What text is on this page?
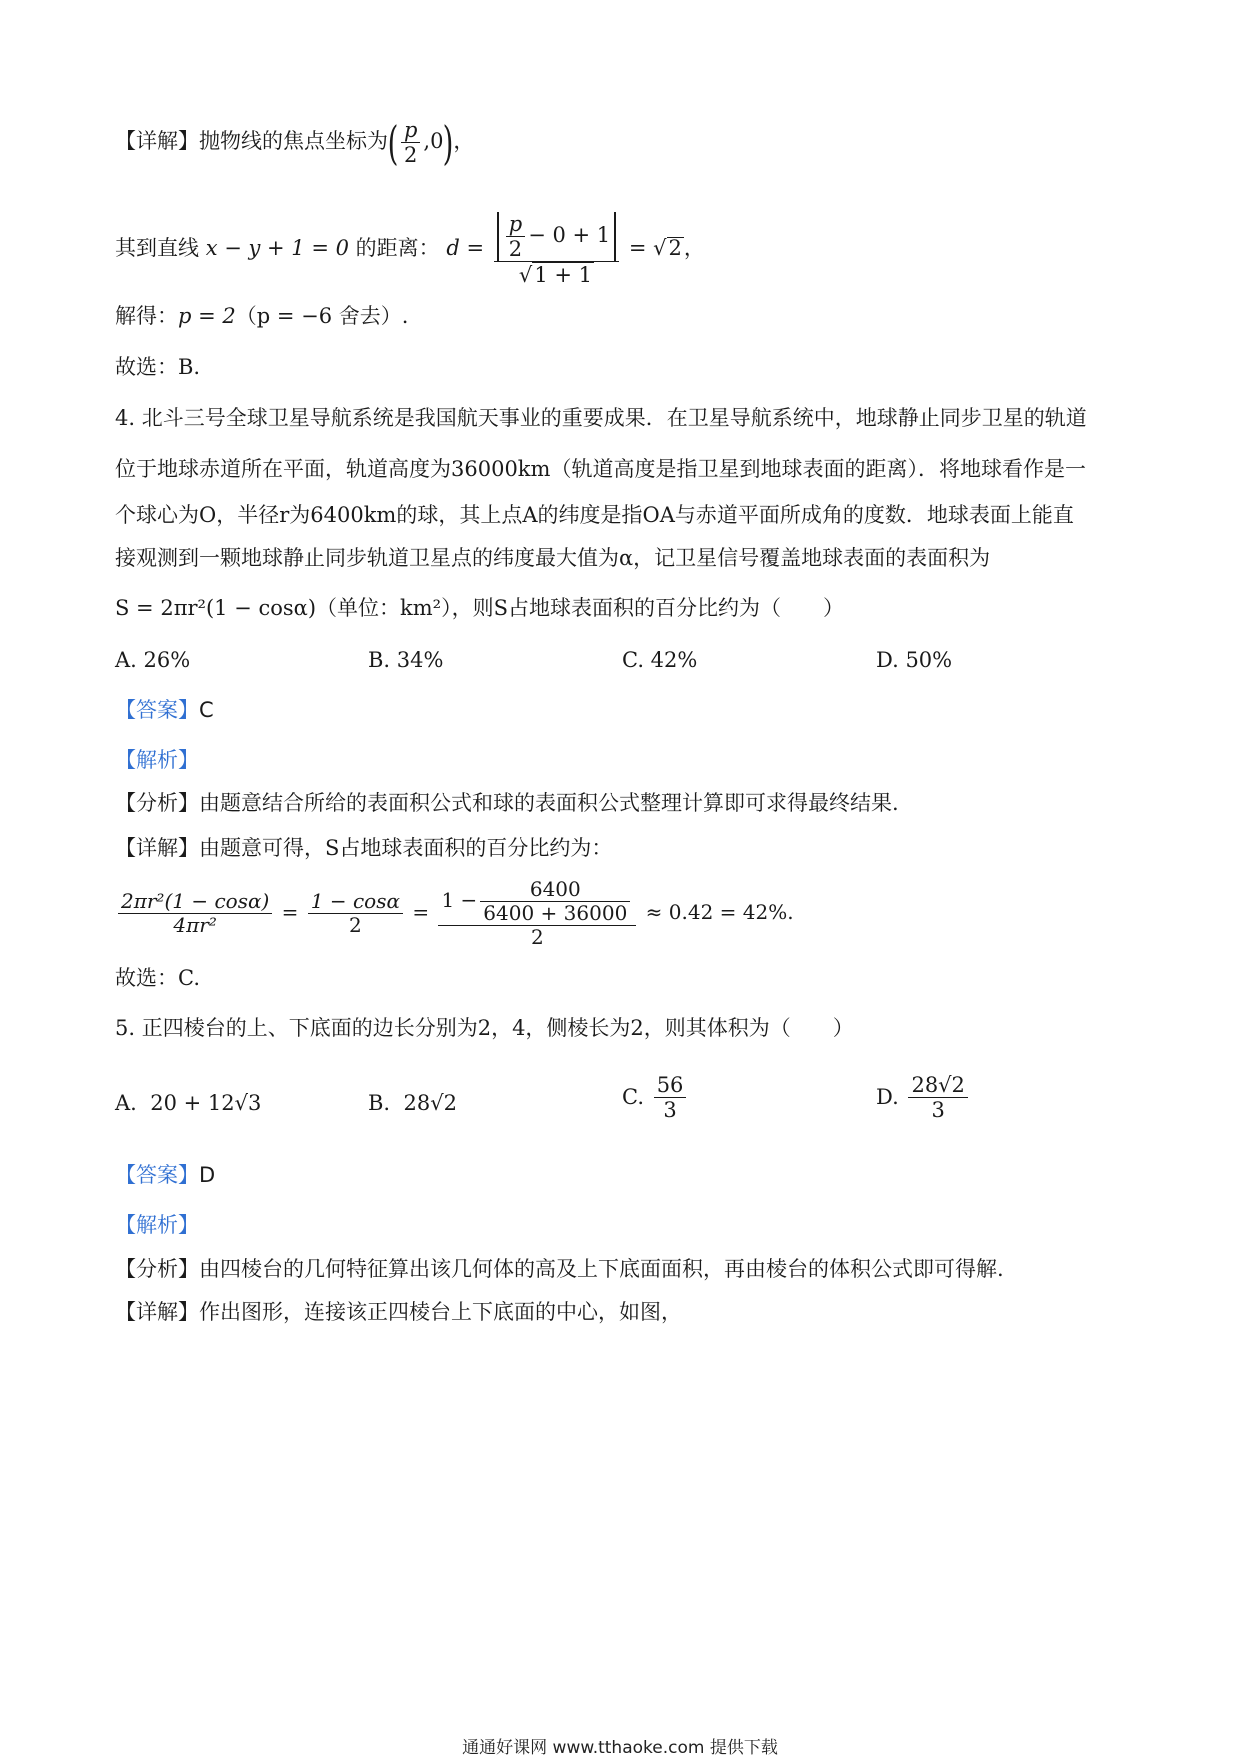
【详解】抛物线的焦点坐标为( $\frac{p}{2} ,0$)，
其到直线 x − y + 1 = 0 的距离： $d = \frac{\frac{p}{2} - 0 + 1}{√1 + 1} = √2$，
解得：p = 2（p = −6 舍去）.
故选：B.
4. 北斗三号全球卫星导航系统是我国航天事业的重要成果．在卫星导航系统中，地球静止同步卫星的轨道
位于地球赤道所在平面，轨道高度为36000km（轨道高度是指卫星到地球表面的距离）．将地球看作是一
个球心为O，半径r为6400km的球，其上点A的纬度是指OA与赤道平面所成角的度数．地球表面上能直
接观测到一颗地球静止同步轨道卫星点的纬度最大值为α，记卫星信号覆盖地球表面的表面积为
S = 2πr²(1 − cosα)（单位：km²），则S占地球表面积的百分比约为（　　）
A. 26%	B. 34%	C. 42%	D. 50%
【答案】C
【解析】
【分析】由题意结合所给的表面积公式和球的表面积公式整理计算即可求得最终结果.
【详解】由题意可得，S占地球表面积的百分比约为：
$\frac{\text{2πr²(1 − cosα)}}{\text{4πr²}} = \frac{1 - \cos\alpha}{2} = \frac{1 - \frac{6400}{6400 + 36000}}{2} \approx 0.42 = 42\%$.
故选：C.
5. 正四棱台的上、下底面的边长分别为2，4，侧棱长为2，则其体积为（　　）
A. 20 + 12√3	B. 28√2	C. $\frac{56}{3}$	D. $\frac{28√2}{3}$
【答案】D
【解析】
【分析】由四棱台的几何特征算出该几何体的高及上下底面面积，再由棱台的体积公式即可得解.
【详解】作出图形，连接该正四棱台上下底面的中心，如图，
通通好课网 www.tthaoke.com 提供下载
